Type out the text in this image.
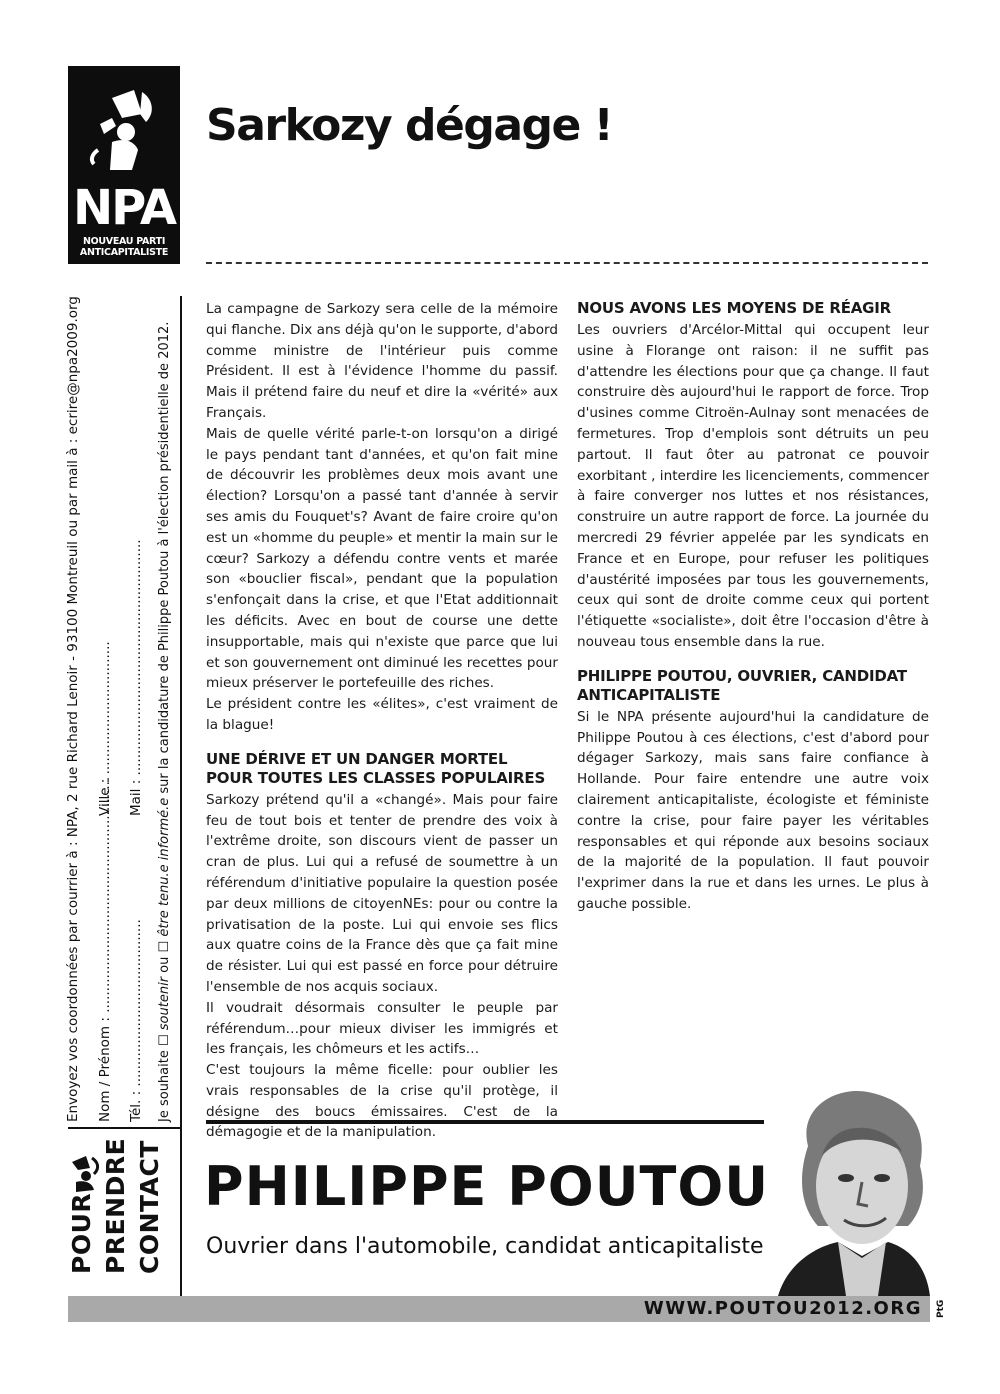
NPA
NOUVEAU PARTI
ANTICAPITALISTE
Sarkozy dégage !
Envoyez vos coordonnées par courrier à : NPA, 2 rue Richard Lenoir - 93100 Montreuil ou par mail à : ecrire@npa2009.org Nom / Prénom : .......................................................
Ville : ...............................
Tél. : .......................................
Mail : .......................................................
Je souhaite ☐ soutenir ou ☐ être tenu.e informé.e sur la candidature de Philippe Poutou à l'élection présidentielle de 2012.
POUR PRENDRE CONTACT

La campagne de Sarkozy sera celle de la mémoire qui flanche. Dix ans déjà qu'on le supporte, d'abord comme ministre de l'intérieur puis comme Président. Il est à l'évidence l'homme du passif. Mais il prétend faire du neuf et dire la «vérité» aux Français.

Mais de quelle vérité parle-t-on lorsqu'on a dirigé le pays pendant tant d'années, et qu'on fait mine de découvrir les problèmes deux mois avant une élection? Lorsqu'on a passé tant d'année à servir ses amis du Fouquet's? Avant de faire croire qu'on est un «homme du peuple» et mentir la main sur le cœur? Sarkozy a défendu contre vents et marée son «bouclier fiscal», pendant que la population s'enfonçait dans la crise, et que l'Etat additionnait les déficits. Avec en bout de course une dette insupportable, mais qui n'existe que parce que lui et son gouvernement ont diminué les recettes pour mieux préserver le portefeuille des riches.

Le président contre les «élites», c'est vraiment de la blague!

UNE DÉRIVE ET UN DANGER MORTEL POUR TOUTES LES CLASSES POPULAIRES

Sarkozy prétend qu'il a «changé». Mais pour faire feu de tout bois et tenter de prendre des voix à l'extrême droite, son discours vient de passer un cran de plus. Lui qui a refusé de soumettre à un référendum d'initiative populaire la question posée par deux millions de citoyenNEs: pour ou contre la privatisation de la poste. Lui qui envoie ses flics aux quatre coins de la France dès que ça fait mine de résister. Lui qui est passé en force pour détruire l'ensemble de nos acquis sociaux.

Il voudrait désormais consulter le peuple par référendum…pour mieux diviser les immigrés et les français, les chômeurs et les actifs…

C'est toujours la même ficelle: pour oublier les vrais responsables de la crise qu'il protège, il désigne des boucs émissaires. C'est de la démagogie et de la manipulation.

NOUS AVONS LES MOYENS DE RÉAGIR

Les ouvriers d'Arcélor-Mittal qui occupent leur usine à Florange ont raison: il ne suffit pas d'attendre les élections pour que ça change. Il faut construire dès aujourd'hui le rapport de force. Trop d'usines comme Citroën-Aulnay sont menacées de fermetures. Trop d'emplois sont détruits un peu partout. Il faut ôter au patronat ce pouvoir exorbitant , interdire les licenciements, commencer à faire converger nos luttes et nos résistances, construire un autre rapport de force. La journée du mercredi 29 février appelée par les syndicats en France et en Europe, pour refuser les politiques d'austérité imposées par tous les gouvernements, ceux qui sont de droite comme ceux qui portent l'étiquette «socialiste», doit être l'occasion d'être à nouveau tous ensemble dans la rue.

PHILIPPE POUTOU, OUVRIER, CANDIDAT ANTICAPITALISTE

Si le NPA présente aujourd'hui la candidature de Philippe Poutou à ces élections, c'est d'abord pour dégager Sarkozy, mais sans faire confiance à Hollande. Pour faire entendre une autre voix clairement anticapitaliste, écologiste et féministe contre la crise, pour faire payer les véritables responsables et qui réponde aux besoins sociaux de la majorité de la population. Il faut pouvoir l'exprimer dans la rue et dans les urnes. Le plus à gauche possible.

PHILIPPE POUTOU
Ouvrier dans l'automobile, candidat anticapitaliste
WWW.POUTOU2012.ORG PtG
